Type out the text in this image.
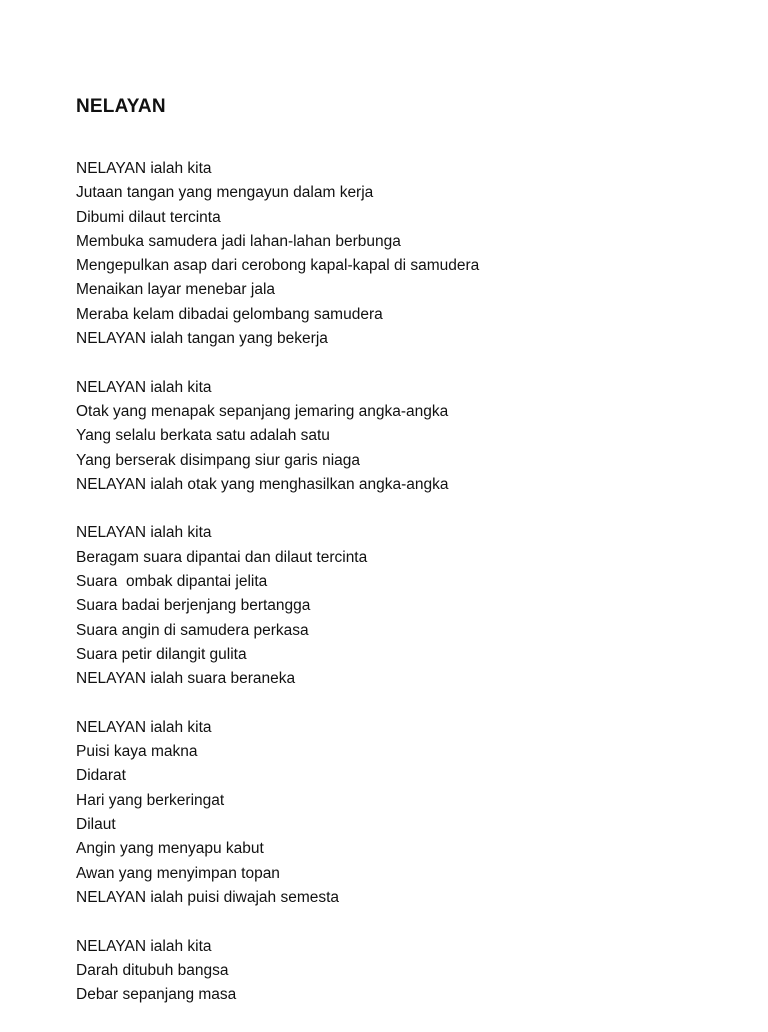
NELAYAN
NELAYAN ialah kita
Jutaan tangan yang mengayun dalam kerja
Dibumi dilaut tercinta
Membuka samudera jadi lahan-lahan berbunga
Mengepulkan asap dari cerobong kapal-kapal di samudera
Menaikan layar menebar jala
Meraba kelam dibadai gelombang samudera
NELAYAN ialah tangan yang bekerja
NELAYAN ialah kita
Otak yang menapak sepanjang jemaring angka-angka
Yang selalu berkata satu adalah satu
Yang berserak disimpang siur garis niaga
NELAYAN ialah otak yang menghasilkan angka-angka
NELAYAN ialah kita
Beragam suara dipantai dan dilaut tercinta
Suara  ombak dipantai jelita
Suara badai berjenjang bertangga
Suara angin di samudera perkasa
Suara petir dilangit gulita
NELAYAN ialah suara beraneka
NELAYAN ialah kita
Puisi kaya makna
Didarat
Hari yang berkeringat
Dilaut
Angin yang menyapu kabut
Awan yang menyimpan topan
NELAYAN ialah puisi diwajah semesta
NELAYAN ialah kita
Darah ditubuh bangsa
Debar sepanjang masa
